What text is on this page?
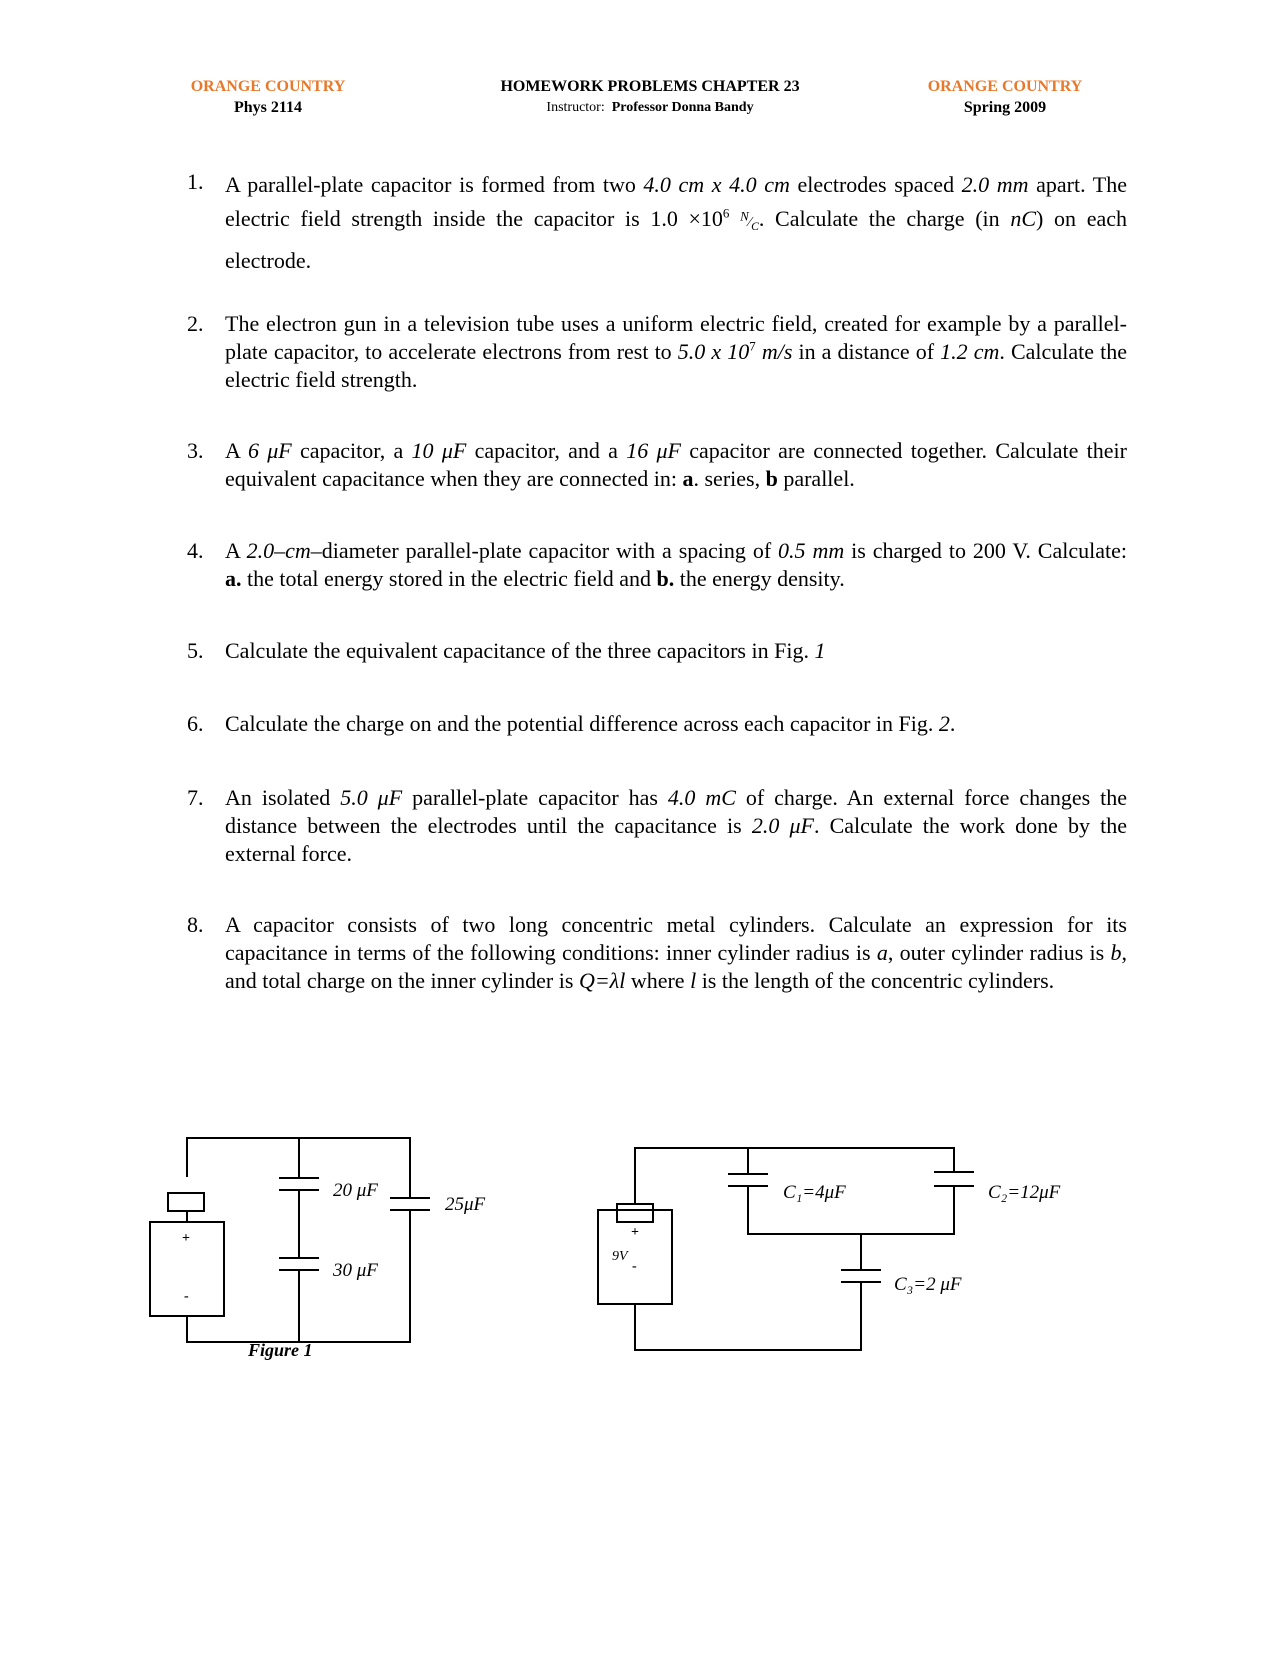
ORANGE COUNTRY
Phys 2114
HOMEWORK PROBLEMS CHAPTER 23
Instructor: Professor Donna Bandy
ORANGE COUNTRY
Spring 2009
1. A parallel-plate capacitor is formed from two 4.0 cm x 4.0 cm electrodes spaced 2.0 mm apart. The electric field strength inside the capacitor is $1.0 \times 10^6$ $^N⁄_C$. Calculate the charge (in nC) on each electrode.
2. The electron gun in a television tube uses a uniform electric field, created for example by a parallel-plate capacitor, to accelerate electrons from rest to 5.0 x $10^7$ m/s in a distance of 1.2 cm. Calculate the electric field strength.
3. A 6 μF capacitor, a 10 μF capacitor, and a 16 μF capacitor are connected together. Calculate their equivalent capacitance when they are connected in: a. series, b parallel.
4. A 2.0–cm–diameter parallel-plate capacitor with a spacing of 0.5 mm is charged to 200 V. Calculate: a. the total energy stored in the electric field and b. the energy density.
5. Calculate the equivalent capacitance of the three capacitors in Fig. 1
6. Calculate the charge on and the potential difference across each capacitor in Fig. 2.
7. An isolated 5.0 μF parallel-plate capacitor has 4.0 mC of charge. An external force changes the distance between the electrodes until the capacitance is 2.0 μF. Calculate the work done by the external force.
8. A capacitor consists of two long concentric metal cylinders. Calculate an expression for its capacitance in terms of the following conditions: inner cylinder radius is a, outer cylinder radius is b, and total charge on the inner cylinder is Q=λl where l is the length of the concentric cylinders.
+
-
20 μF
30 μF
25μF
Figure 1
+
9V
-
C₁=4μF	C₂=12μF
C₃=2 μF
